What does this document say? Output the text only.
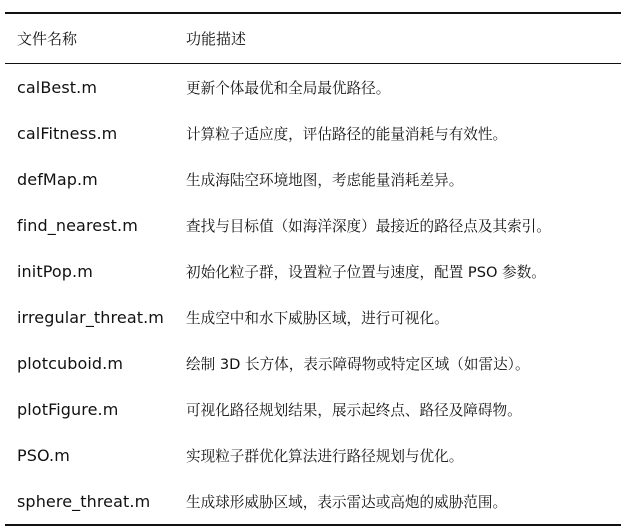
文件名称	功能描述
calBest.m	更新个体最优和全局最优路径。
calFitness.m	计算粒子适应度，评估路径的能量消耗与有效性。
defMap.m	生成海陆空环境地图，考虑能量消耗差异。
find_nearest.m	查找与目标值（如海洋深度）最接近的路径点及其索引。
initPop.m	初始化粒子群，设置粒子位置与速度，配置 PSO 参数。
irregular_threat.m	生成空中和水下威胁区域，进行可视化。
plotcuboid.m	绘制 3D 长方体，表示障碍物或特定区域（如雷达）。
plotFigure.m	可视化路径规划结果，展示起终点、路径及障碍物。
PSO.m	实现粒子群优化算法进行路径规划与优化。
sphere_threat.m	生成球形威胁区域，表示雷达或高炮的威胁范围。
